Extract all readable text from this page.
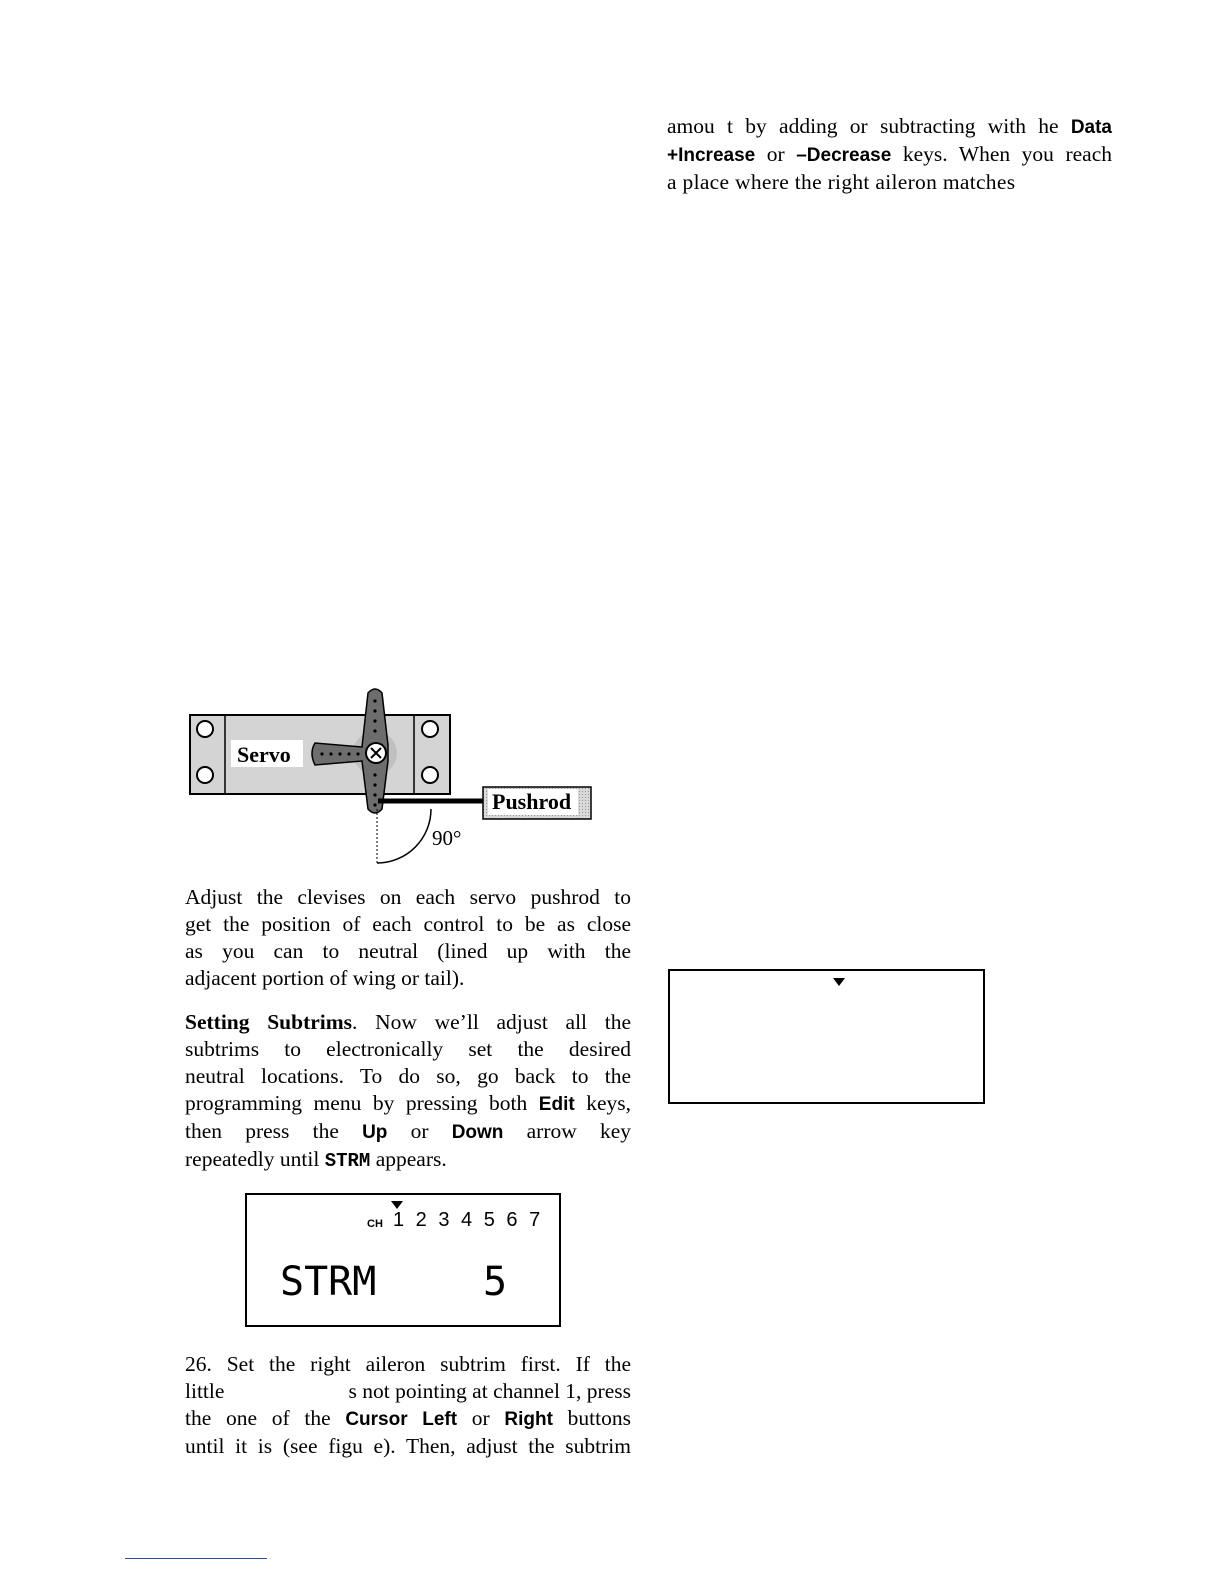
amou t by adding or subtracting with he Data
+Increase or –Decrease keys. When you reach
a place where the right aileron matches
Servo
Pushrod
90°
Adjust the clevises on each servo pushrod to
get the position of each control to be as close
as you can to neutral (lined up with the
adjacent portion of wing or tail).
Setting Subtrims. Now we’ll adjust all the
subtrims to electronically set the desired
neutral locations. To do so, go back to the
programming menu by pressing both Edit keys,
then press the Up or Down arrow key
repeatedly until STRM appears.
CH 1 2 3 4 5 6 7
STRM	5
26. Set the right aileron subtrim first. If the
little	s not pointing at channel 1, press
the one of the Cursor Left or Right buttons
until it is (see figu e). Then, adjust the subtrim
